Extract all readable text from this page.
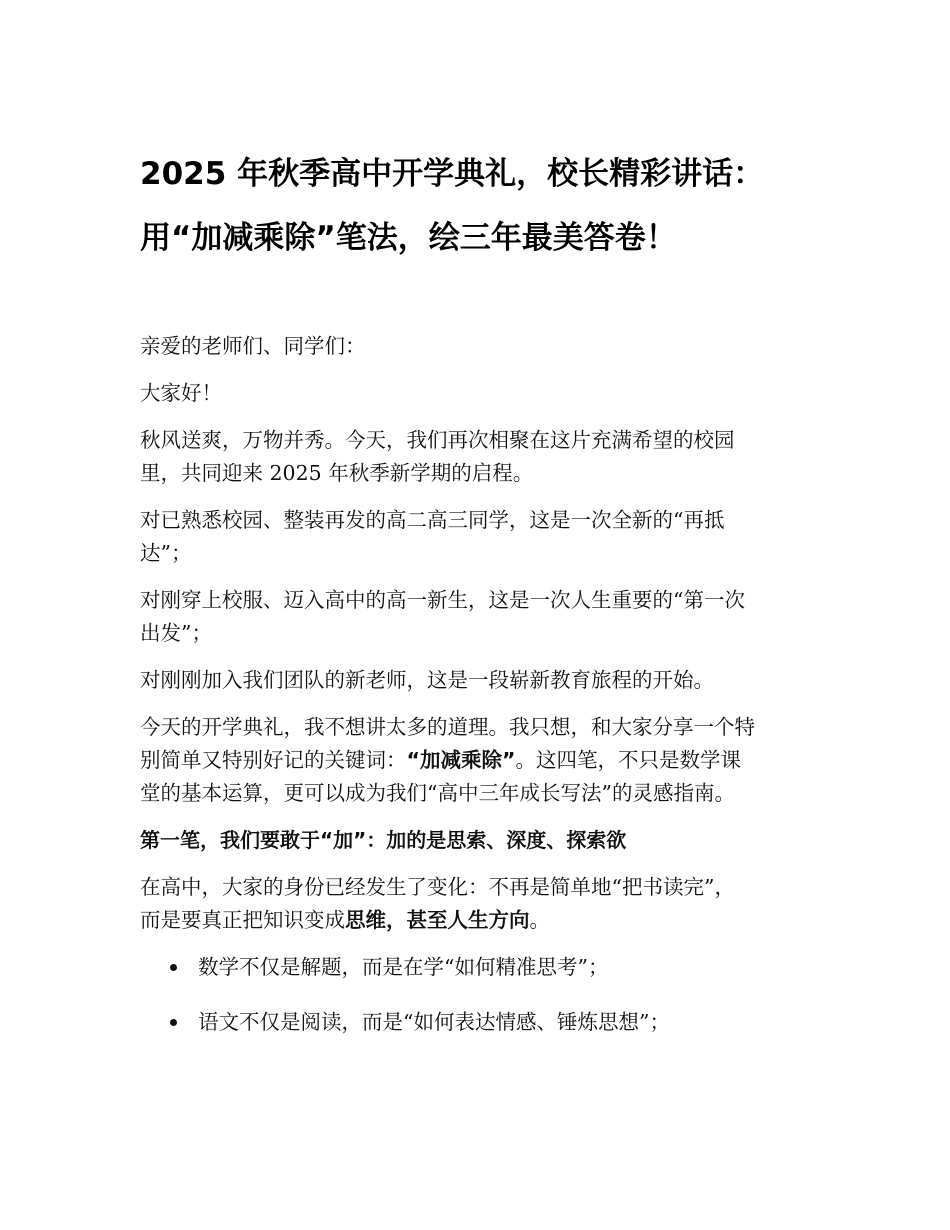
2025 年秋季高中开学典礼，校长精彩讲话：
用“加减乘除”笔法，绘三年最美答卷！

亲爱的老师们、同学们：

大家好！

秋风送爽，万物并秀。今天，我们再次相聚在这片充满希望的校园
里，共同迎来 2025 年秋季新学期的启程。

对已熟悉校园、整装再发的高二高三同学，这是一次全新的“再抵
达”；

对刚穿上校服、迈入高中的高一新生，这是一次人生重要的“第一次
出发”；

对刚刚加入我们团队的新老师，这是一段崭新教育旅程的开始。

今天的开学典礼，我不想讲太多的道理。我只想，和大家分享一个特
别简单又特别好记的关键词：“加减乘除”。这四笔，不只是数学课
堂的基本运算，更可以成为我们“高中三年成长写法”的灵感指南。

第一笔，我们要敢于“加”：加的是思索、深度、探索欲

在高中，大家的身份已经发生了变化：不再是简单地“把书读完”，
而是要真正把知识变成思维，甚至人生方向。

数学不仅是解题，而是在学“如何精准思考”；
语文不仅是阅读，而是“如何表达情感、锤炼思想”；
